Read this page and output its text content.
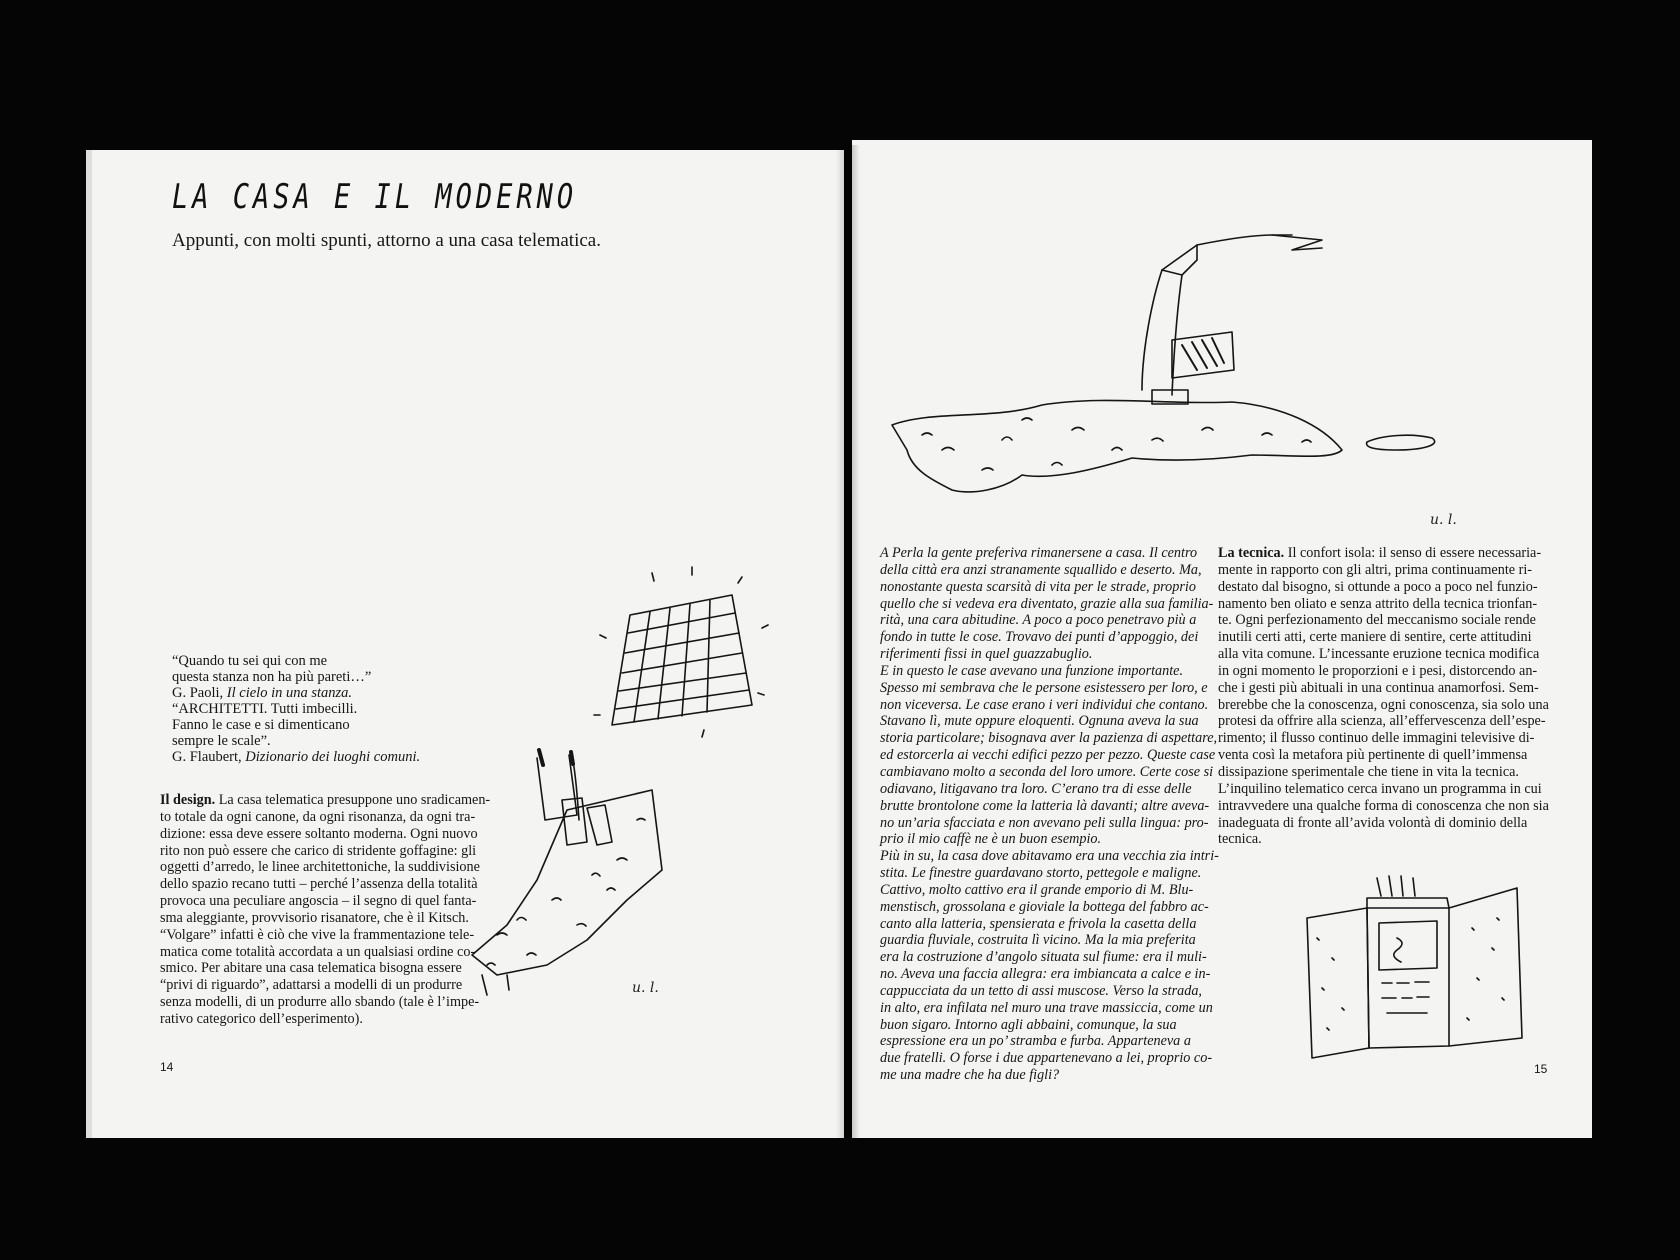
LA CASA E IL MODERNO
Appunti, con molti spunti, attorno a una casa telematica.
“Quando tu sei qui con me
questa stanza non ha più pareti…”
G. Paoli, Il cielo in una stanza.
“ARCHITETTI. Tutti imbecilli.
Fanno le case e si dimenticano
sempre le scale”.
G. Flaubert, Dizionario dei luoghi comuni.
u. l.
Il design. La casa telematica presuppone uno sradicamen-
to totale da ogni canone, da ogni risonanza, da ogni tra-
dizione: essa deve essere soltanto moderna. Ogni nuovo
rito non può essere che carico di stridente goffagine: gli
oggetti d’arredo, le linee architettoniche, la suddivisione
dello spazio recano tutti – perché l’assenza della totalità
provoca una peculiare angoscia – il segno di quel fanta-
sma aleggiante, provvisorio risanatore, che è il Kitsch.
“Volgare” infatti è ciò che vive la frammentazione tele-
matica come totalità accordata a un qualsiasi ordine co-
smico. Per abitare una casa telematica bisogna essere
“privi di riguardo”, adattarsi a modelli di un produrre
senza modelli, di un produrre allo sbando (tale è l’impe-
rativo categorico dell’esperimento).
14
u. l.
A Perla la gente preferiva rimanersene a casa. Il centro
della città era anzi stranamente squallido e deserto. Ma,
nonostante questa scarsità di vita per le strade, proprio
quello che si vedeva era diventato, grazie alla sua familia-
rità, una cara abitudine. A poco a poco penetravo più a
fondo in tutte le cose. Trovavo dei punti d’appoggio, dei
riferimenti fissi in quel guazzabuglio.
E in questo le case avevano una funzione importante.
Spesso mi sembrava che le persone esistessero per loro, e
non viceversa. Le case erano i veri individui che contano.
Stavano lì, mute oppure eloquenti. Ognuna aveva la sua
storia particolare; bisognava aver la pazienza di aspettare,
ed estorcerla ai vecchi edifici pezzo per pezzo. Queste case
cambiavano molto a seconda del loro umore. Certe cose si
odiavano, litigavano tra loro. C’erano tra di esse delle
brutte brontolone come la latteria là davanti; altre aveva-
no un’aria sfacciata e non avevano peli sulla lingua: pro-
prio il mio caffè ne è un buon esempio.
Più in su, la casa dove abitavamo era una vecchia zia intri-
stita. Le finestre guardavano storto, pettegole e maligne.
Cattivo, molto cattivo era il grande emporio di M. Blu-
menstisch, grossolana e gioviale la bottega del fabbro ac-
canto alla latteria, spensierata e frivola la casetta della
guardia fluviale, costruita lì vicino. Ma la mia preferita
era la costruzione d’angolo situata sul fiume: era il muli-
no. Aveva una faccia allegra: era imbiancata a calce e in-
cappucciata da un tetto di assi muscose. Verso la strada,
in alto, era infilata nel muro una trave massiccia, come un
buon sigaro. Intorno agli abbaini, comunque, la sua
espressione era un po’ stramba e furba. Apparteneva a
due fratelli. O forse i due appartenevano a lei, proprio co-
me una madre che ha due figli?
La tecnica. Il confort isola: il senso di essere necessaria-
mente in rapporto con gli altri, prima continuamente ri-
destato dal bisogno, si ottunde a poco a poco nel funzio-
namento ben oliato e senza attrito della tecnica trionfan-
te. Ogni perfezionamento del meccanismo sociale rende
inutili certi atti, certe maniere di sentire, certe attitudini
alla vita comune. L’incessante eruzione tecnica modifica
in ogni momento le proporzioni e i pesi, distorcendo an-
che i gesti più abituali in una continua anamorfosi. Sem-
brerebbe che la conoscenza, ogni conoscenza, sia solo una
protesi da offrire alla scienza, all’effervescenza dell’espe-
rimento; il flusso continuo delle immagini televisive di-
venta così la metafora più pertinente di quell’immensa
dissipazione sperimentale che tiene in vita la tecnica.
L’inquilino telematico cerca invano un programma in cui
intravvedere una qualche forma di conoscenza che non sia
inadeguata di fronte all’avida volontà di dominio della
tecnica.
15
